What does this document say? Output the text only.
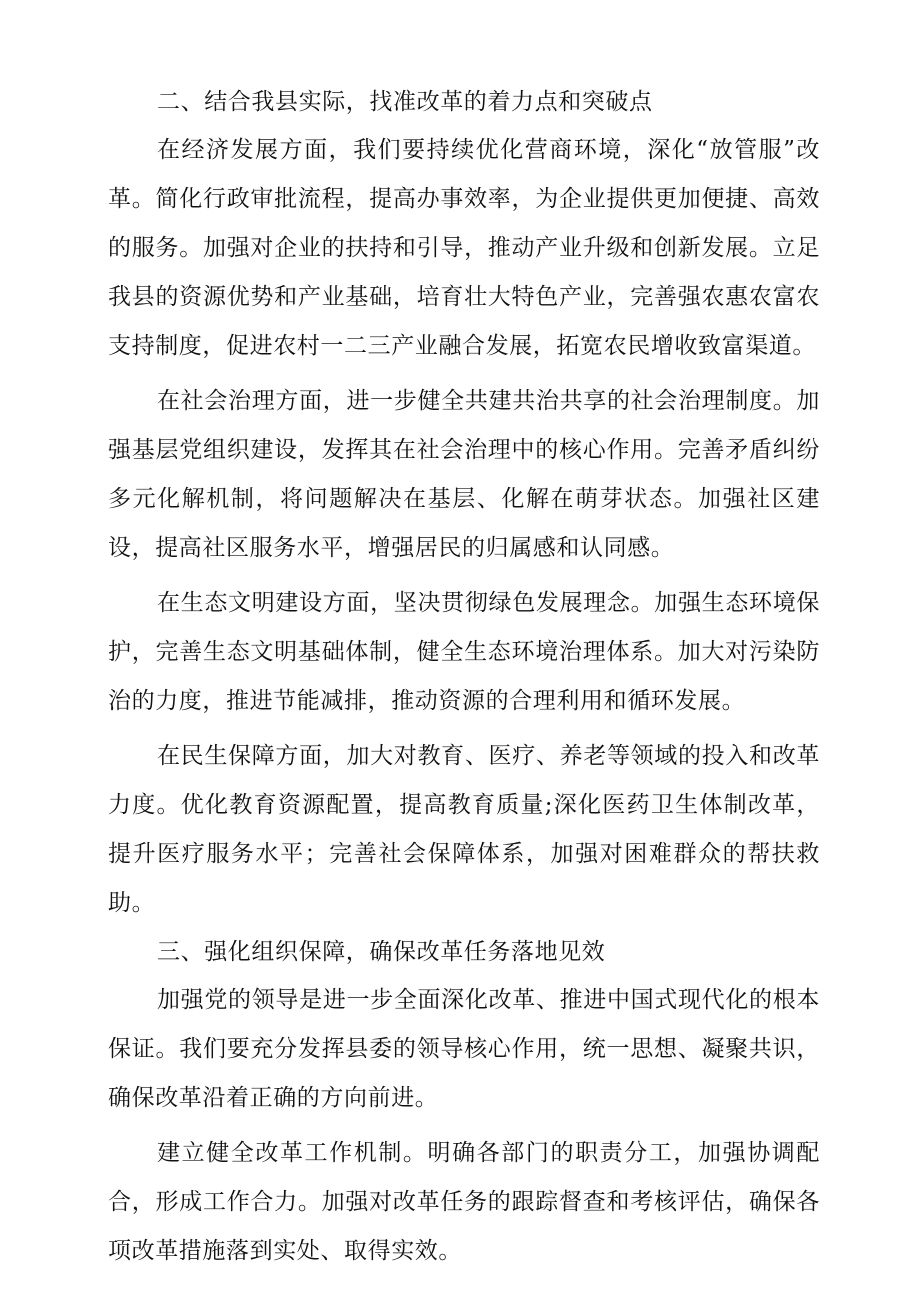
二、结合我县实际，找准改革的着力点和突破点

在经济发展方面，我们要持续优化营商环境，深化“放管服”改革。简化行政审批流程，提高办事效率，为企业提供更加便捷、高效的服务。加强对企业的扶持和引导，推动产业升级和创新发展。立足我县的资源优势和产业基础，培育壮大特色产业，完善强农惠农富农支持制度，促进农村一二三产业融合发展，拓宽农民增收致富渠道。

在社会治理方面，进一步健全共建共治共享的社会治理制度。加强基层党组织建设，发挥其在社会治理中的核心作用。完善矛盾纠纷多元化解机制，将问题解决在基层、化解在萌芽状态。加强社区建设，提高社区服务水平，增强居民的归属感和认同感。

在生态文明建设方面，坚决贯彻绿色发展理念。加强生态环境保护，完善生态文明基础体制，健全生态环境治理体系。加大对污染防治的力度，推进节能减排，推动资源的合理利用和循环发展。

在民生保障方面，加大对教育、医疗、养老等领域的投入和改革力度。优化教育资源配置，提高教育质量;深化医药卫生体制改革，提升医疗服务水平；完善社会保障体系，加强对困难群众的帮扶救助。

三、强化组织保障，确保改革任务落地见效

加强党的领导是进一步全面深化改革、推进中国式现代化的根本保证。我们要充分发挥县委的领导核心作用，统一思想、凝聚共识，确保改革沿着正确的方向前进。

建立健全改革工作机制。明确各部门的职责分工，加强协调配合，形成工作合力。加强对改革任务的跟踪督查和考核评估，确保各项改革措施落到实处、取得实效。
